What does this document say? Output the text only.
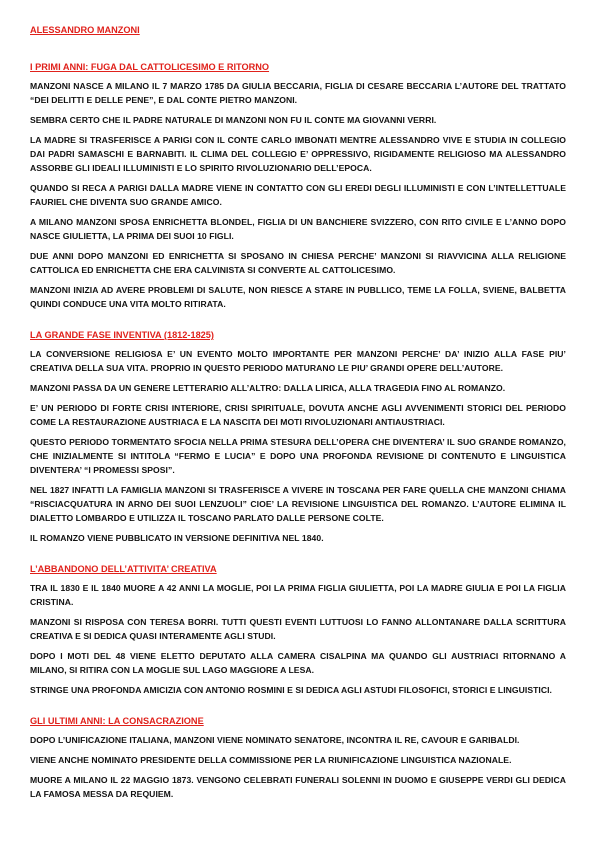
ALESSANDRO MANZONI
I PRIMI ANNI: FUGA DAL CATTOLICESIMO E RITORNO

MANZONI NASCE A MILANO IL 7 MARZO 1785 DA GIULIA BECCARIA, FIGLIA DI CESARE BECCARIA L’AUTORE DEL TRATTATO “DEI DELITTI E DELLE PENE”, E DAL CONTE PIETRO MANZONI.

SEMBRA CERTO CHE IL PADRE NATURALE DI MANZONI NON FU IL CONTE MA GIOVANNI VERRI.

LA MADRE SI TRASFERISCE A PARIGI CON IL CONTE CARLO IMBONATI MENTRE ALESSANDRO VIVE E STUDIA IN COLLEGIO DAI PADRI SAMASCHI E BARNABITI. IL CLIMA DEL COLLEGIO E’ OPPRESSIVO, RIGIDAMENTE RELIGIOSO MA ALESSANDRO ASSORBE GLI IDEALI ILLUMINISTI E LO SPIRITO RIVOLUZIONARIO DELL’EPOCA.

QUANDO SI RECA A PARIGI DALLA MADRE VIENE IN CONTATTO CON GLI EREDI DEGLI ILLUMINISTI E CON L’INTELLETTUALE FAURIEL CHE DIVENTA SUO GRANDE AMICO.

A MILANO MANZONI SPOSA ENRICHETTA BLONDEL, FIGLIA DI UN BANCHIERE SVIZZERO, CON RITO CIVILE E L’ANNO DOPO NASCE GIULIETTA, LA PRIMA DEI SUOI 10 FIGLI.

DUE ANNI DOPO MANZONI ED ENRICHETTA SI SPOSANO IN CHIESA PERCHE’ MANZONI SI RIAVVICINA ALLA RELIGIONE CATTOLICA ED ENRICHETTA CHE ERA CALVINISTA SI CONVERTE AL CATTOLICESIMO.

MANZONI INIZIA AD AVERE PROBLEMI DI SALUTE, NON RIESCE A STARE IN PUBLLICO, TEME LA FOLLA, SVIENE, BALBETTA QUINDI CONDUCE UNA VITA MOLTO RITIRATA.

LA GRANDE FASE INVENTIVA (1812-1825)

LA CONVERSIONE RELIGIOSA E’ UN EVENTO MOLTO IMPORTANTE PER MANZONI PERCHE’ DA’ INIZIO ALLA FASE PIU’ CREATIVA DELLA SUA VITA. PROPRIO IN QUESTO PERIODO MATURANO LE PIU’ GRANDI OPERE DELL’AUTORE.

MANZONI PASSA DA UN GENERE LETTERARIO ALL’ALTRO: DALLA LIRICA, ALLA TRAGEDIA FINO AL ROMANZO.

E’ UN PERIODO DI FORTE CRISI INTERIORE, CRISI SPIRITUALE, DOVUTA ANCHE AGLI AVVENIMENTI STORICI DEL PERIODO COME LA RESTAURAZIONE AUSTRIACA E LA NASCITA DEI MOTI RIVOLUZIONARI ANTIAUSTRIACI.

QUESTO PERIODO TORMENTATO SFOCIA NELLA PRIMA STESURA DELL’OPERA CHE DIVENTERA’ IL SUO GRANDE ROMANZO, CHE INIZIALMENTE SI INTITOLA “FERMO E LUCIA” E DOPO UNA PROFONDA REVISIONE DI CONTENUTO E LINGUISTICA DIVENTERA’ “I PROMESSI SPOSI”.

NEL 1827 INFATTI LA FAMIGLIA MANZONI SI TRASFERISCE A VIVERE IN TOSCANA PER FARE QUELLA CHE MANZONI CHIAMA “RISCIACQUATURA IN ARNO DEI SUOI LENZUOLI” CIOE’ LA REVISIONE LINGUISTICA DEL ROMANZO. L’AUTORE ELIMINA IL DIALETTO LOMBARDO E UTILIZZA IL TOSCANO PARLATO DALLE PERSONE COLTE.

IL ROMANZO VIENE PUBBLICATO IN VERSIONE DEFINITIVA NEL 1840.

L’ABBANDONO DELL’ATTIVITA’ CREATIVA

TRA IL 1830 E IL 1840 MUORE A 42 ANNI LA MOGLIE, POI LA PRIMA FIGLIA GIULIETTA, POI LA MADRE GIULIA E POI LA FIGLIA CRISTINA.

MANZONI SI RISPOSA CON TERESA BORRI. TUTTI QUESTI EVENTI LUTTUOSI LO FANNO ALLONTANARE DALLA SCRITTURA CREATIVA E SI DEDICA QUASI INTERAMENTE AGLI STUDI.

DOPO I MOTI DEL 48 VIENE ELETTO DEPUTATO ALLA CAMERA CISALPINA MA QUANDO GLI AUSTRIACI RITORNANO A MILANO, SI RITIRA CON LA MOGLIE SUL LAGO MAGGIORE A LESA.

STRINGE UNA PROFONDA AMICIZIA CON ANTONIO ROSMINI E SI DEDICA AGLI ASTUDI FILOSOFICI, STORICI E LINGUISTICI.

GLI ULTIMI ANNI: LA CONSACRAZIONE

DOPO L’UNIFICAZIONE ITALIANA, MANZONI VIENE NOMINATO SENATORE, INCONTRA IL RE, CAVOUR E GARIBALDI.

VIENE ANCHE NOMINATO PRESIDENTE DELLA COMMISSIONE PER LA RIUNIFICAZIONE LINGUISTICA NAZIONALE.

MUORE A MILANO IL 22 MAGGIO 1873. VENGONO CELEBRATI FUNERALI SOLENNI IN DUOMO E GIUSEPPE VERDI GLI DEDICA LA FAMOSA MESSA DA REQUIEM.
